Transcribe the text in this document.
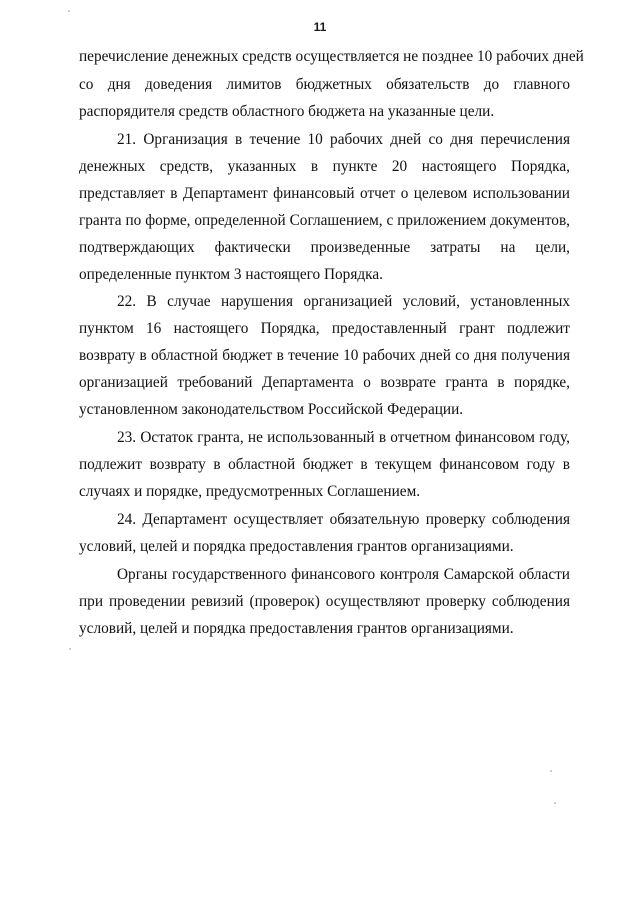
11
перечисление денежных средств осуществляется не позднее 10 рабочих дней
со дня доведения лимитов бюджетных обязательств до главного
распорядителя средств областного бюджета на указанные цели.
21. Организация в течение 10 рабочих дней со дня перечисления
денежных средств, указанных в пункте 20 настоящего Порядка,
представляет в Департамент финансовый отчет о целевом использовании
гранта по форме, определенной Соглашением, с приложением документов,
подтверждающих фактически произведенные затраты на цели,
определенные пунктом 3 настоящего Порядка.
22. В случае нарушения организацией условий, установленных
пунктом 16 настоящего Порядка, предоставленный грант подлежит
возврату в областной бюджет в течение 10 рабочих дней со дня получения
организацией требований Департамента о возврате гранта в порядке,
установленном законодательством Российской Федерации.
23. Остаток гранта, не использованный в отчетном финансовом году,
подлежит возврату в областной бюджет в текущем финансовом году в
случаях и порядке, предусмотренных Соглашением.
24. Департамент осуществляет обязательную проверку соблюдения
условий, целей и порядка предоставления грантов организациями.
Органы государственного финансового контроля Самарской области
при проведении ревизий (проверок) осуществляют проверку соблюдения
условий, целей и порядка предоставления грантов организациями.
